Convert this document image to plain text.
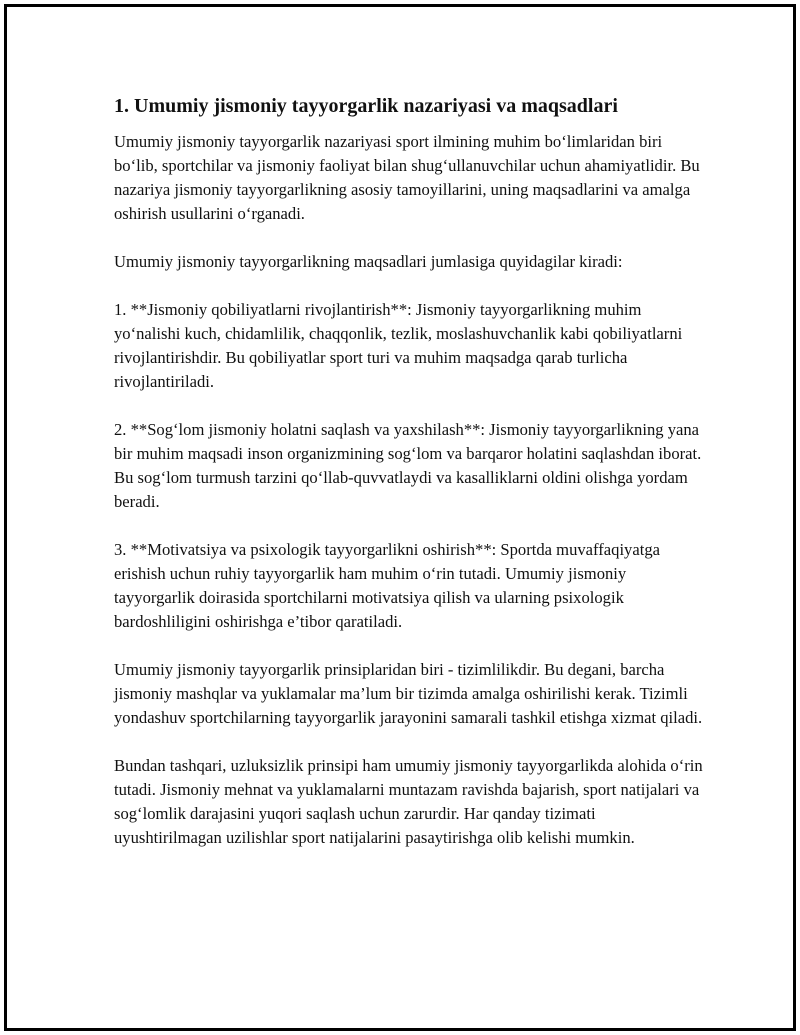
1. Umumiy jismoniy tayyorgarlik nazariyasi va maqsadlari

Umumiy jismoniy tayyorgarlik nazariyasi sport ilmining muhim bo‘limlaridan biri bo‘lib, sportchilar va jismoniy faoliyat bilan shug‘ullanuvchilar uchun ahamiyatlidir. Bu nazariya jismoniy tayyorgarlikning asosiy tamoyillarini, uning maqsadlarini va amalga oshirish usullarini o‘rganadi.

Umumiy jismoniy tayyorgarlikning maqsadlari jumlasiga quyidagilar kiradi:

1. **Jismoniy qobiliyatlarni rivojlantirish**: Jismoniy tayyorgarlikning muhim yo‘nalishi kuch, chidamlilik, chaqqonlik, tezlik, moslashuvchanlik kabi qobiliyatlarni rivojlantirishdir. Bu qobiliyatlar sport turi va muhim maqsadga qarab turlicha rivojlantiriladi.

2. **Sog‘lom jismoniy holatni saqlash va yaxshilash**: Jismoniy tayyorgarlikning yana bir muhim maqsadi inson organizmining sog‘lom va barqaror holatini saqlashdan iborat. Bu sog‘lom turmush tarzini qo‘llab-quvvatlaydi va kasalliklarni oldini olishga yordam beradi.

3. **Motivatsiya va psixologik tayyorgarlikni oshirish**: Sportda muvaffaqiyatga erishish uchun ruhiy tayyorgarlik ham muhim o‘rin tutadi. Umumiy jismoniy tayyorgarlik doirasida sportchilarni motivatsiya qilish va ularning psixologik bardoshliligini oshirishga e’tibor qaratiladi.

Umumiy jismoniy tayyorgarlik prinsiplaridan biri - tizimlilikdir. Bu degani, barcha jismoniy mashqlar va yuklamalar ma’lum bir tizimda amalga oshirilishi kerak. Tizimli yondashuv sportchilarning tayyorgarlik jarayonini samarali tashkil etishga xizmat qiladi.

Bundan tashqari, uzluksizlik prinsipi ham umumiy jismoniy tayyorgarlikda alohida o‘rin tutadi. Jismoniy mehnat va yuklamalarni muntazam ravishda bajarish, sport natijalari va sog‘lomlik darajasini yuqori saqlash uchun zarurdir. Har qanday tizimati uyushtirilmagan uzilishlar sport natijalarini pasaytirishga olib kelishi mumkin.
